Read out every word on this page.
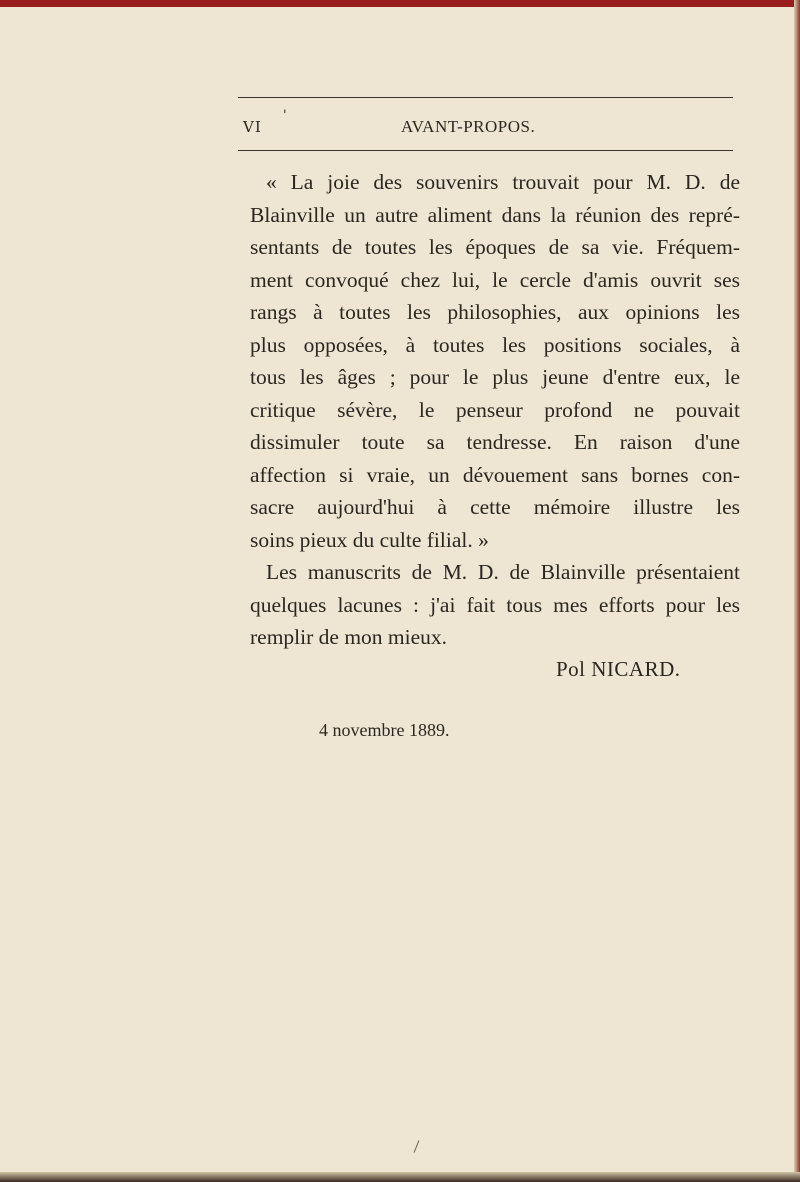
VI
'
AVANT-PROPOS.
« La joie des souvenirs trouvait pour M. D. de
Blainville un autre aliment dans la réunion des repré-
sentants de toutes les époques de sa vie. Fréquem-
ment convoqué chez lui, le cercle d'amis ouvrit ses
rangs à toutes les philosophies, aux opinions les
plus opposées, à toutes les positions sociales, à
tous les âges ; pour le plus jeune d'entre eux, le
critique sévère, le penseur profond ne pouvait
dissimuler toute sa tendresse. En raison d'une
affection si vraie, un dévouement sans bornes con-
sacre aujourd'hui à cette mémoire illustre les
soins pieux du culte filial. »
Les manuscrits de M. D. de Blainville présentaient
quelques lacunes : j'ai fait tous mes efforts pour les
remplir de mon mieux.
Pol NICARD.
4 novembre 1889.
